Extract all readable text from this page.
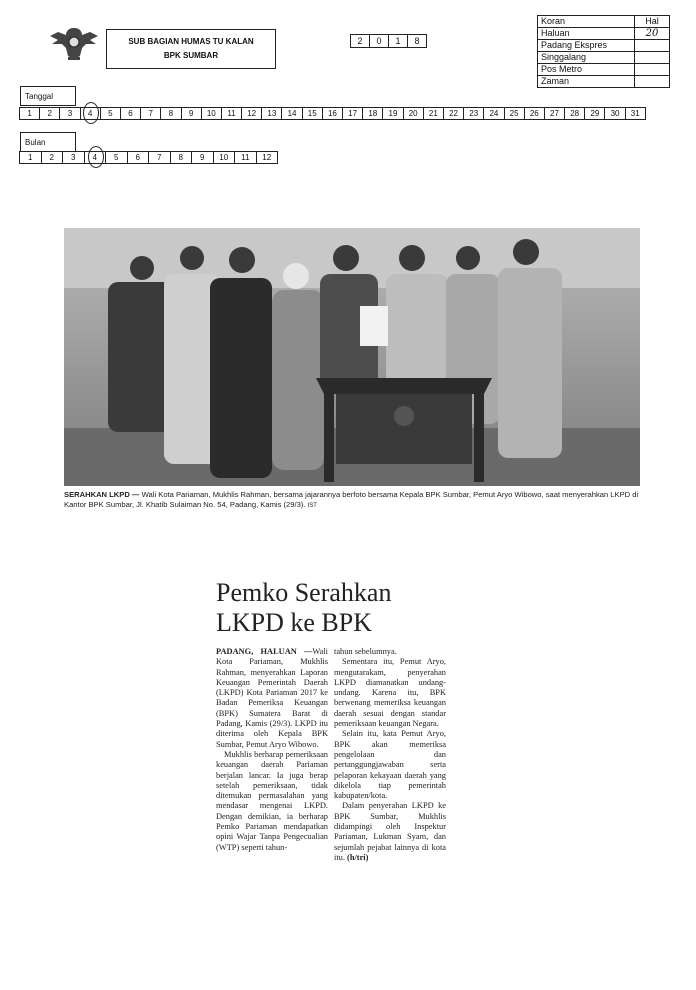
SUB BAGIAN HUMAS TU KALAN
BPK SUMBAR
2	0	1	8
Koran	Hal
Haluan	20
Padang Ekspres	
Singgalang	
Pos Metro	
Zaman	
Tanggal
1	2	3	4	5	6	7	8	9	10	11	12	13	14	15	16	17	18	19	20	21	22	23	24	25	26	27	28	29	30	31
Bulan
1	2	3	4	5	6	7	8	9	10	11	12
SERAHKAN LKPD — Wali Kota Pariaman, Mukhlis Rahman, bersama jajarannya berfoto bersama Kepala BPK Sumbar, Pemut Aryo Wibowo, saat menyerahkan LKPD di Kantor BPK Sumbar, Jl. Khatib Sulaiman No. 54, Padang, Kamis (29/3). IST
Pemko Serahkan
LKPD ke BPK

PADANG, HALUAN —Wali Kota Pariaman, Mukhlis Rahman, menyerahkan Laporan Keuangan Pemerintah Daerah (LKPD) Kota Pariaman 2017 ke Badan Pemeriksa Keuangan (BPK) Sumatera Barat di Padang, Kamis (29/3). LKPD itu diterima oleh Kepala BPK Sumbar, Pemut Aryo Wibowo.

Mukhlis berharap pemeriksaan keuangan daerah Pariaman berjalan lancar. Ia juga berap setelah pemeriksaan, tidak ditemukan permasalahan yang mendasar mengenai LKPD. Dengan demikian, ia berharap Pemko Pariaman mendapatkan opini Wajar Tanpa Pengecualian (WTP) seperti tahun-

tahun sebelumnya.

Sementara itu, Pemut Aryo, mengutarakam, penyerahan LKPD diamanatkan undang-undang. Karena itu, BPK berwenang memeriksa keuangan daerah sesuai dengan standar pemeriksaan keuangan Negara.

Selain itu, kata Pemut Aryo, BPK akan memeriksa pengelolaan dan pertanggungjawaban serta pelaporan kekayaan daerah yang dikelola tiap pemerintah kabupaten/kota.

Dalam penyerahan LKPD ke BPK Sumbar, Mukhlis didampingi oleh Inspektur Pariaman, Lukman Syam, dan sejumlah pejabat lainnya di kota itu. (h/tri)
